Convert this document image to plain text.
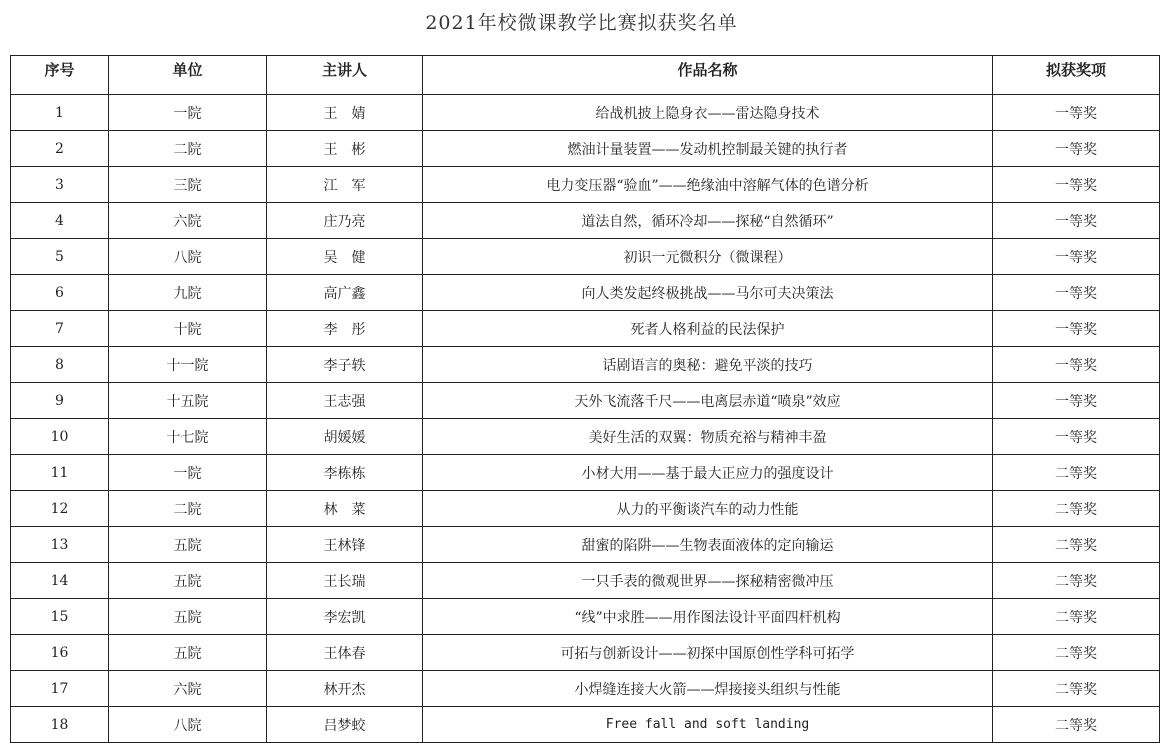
2021年校微课教学比赛拟获奖名单
序号	单位	主讲人	作品名称	拟获奖项
1	一院	王　婧	给战机披上隐身衣——雷达隐身技术	一等奖
2	二院	王　彬	燃油计量装置——发动机控制最关键的执行者	一等奖
3	三院	江　军	电力变压器“验血”——绝缘油中溶解气体的色谱分析	一等奖
4	六院	庄乃亮	道法自然，循环冷却——探秘“自然循环”	一等奖
5	八院	吴　健	初识一元微积分（微课程）	一等奖
6	九院	高广鑫	向人类发起终极挑战——马尔可夫决策法	一等奖
7	十院	李　彤	死者人格利益的民法保护	一等奖
8	十一院	李子轶	话剧语言的奥秘：避免平淡的技巧	一等奖
9	十五院	王志强	天外飞流落千尺——电离层赤道“喷泉”效应	一等奖
10	十七院	胡媛媛	美好生活的双翼：物质充裕与精神丰盈	一等奖
11	一院	李栋栋	小材大用——基于最大正应力的强度设计	二等奖
12	二院	林　菜	从力的平衡谈汽车的动力性能	二等奖
13	五院	王林锋	甜蜜的陷阱——生物表面液体的定向输运	二等奖
14	五院	王长瑞	一只手表的微观世界——探秘精密微冲压	二等奖
15	五院	李宏凯	“线”中求胜——用作图法设计平面四杆机构	二等奖
16	五院	王体春	可拓与创新设计——初探中国原创性学科可拓学	二等奖
17	六院	林开杰	小焊缝连接大火箭——焊接接头组织与性能	二等奖
18	八院	吕梦蛟	Free fall and soft landing	二等奖
